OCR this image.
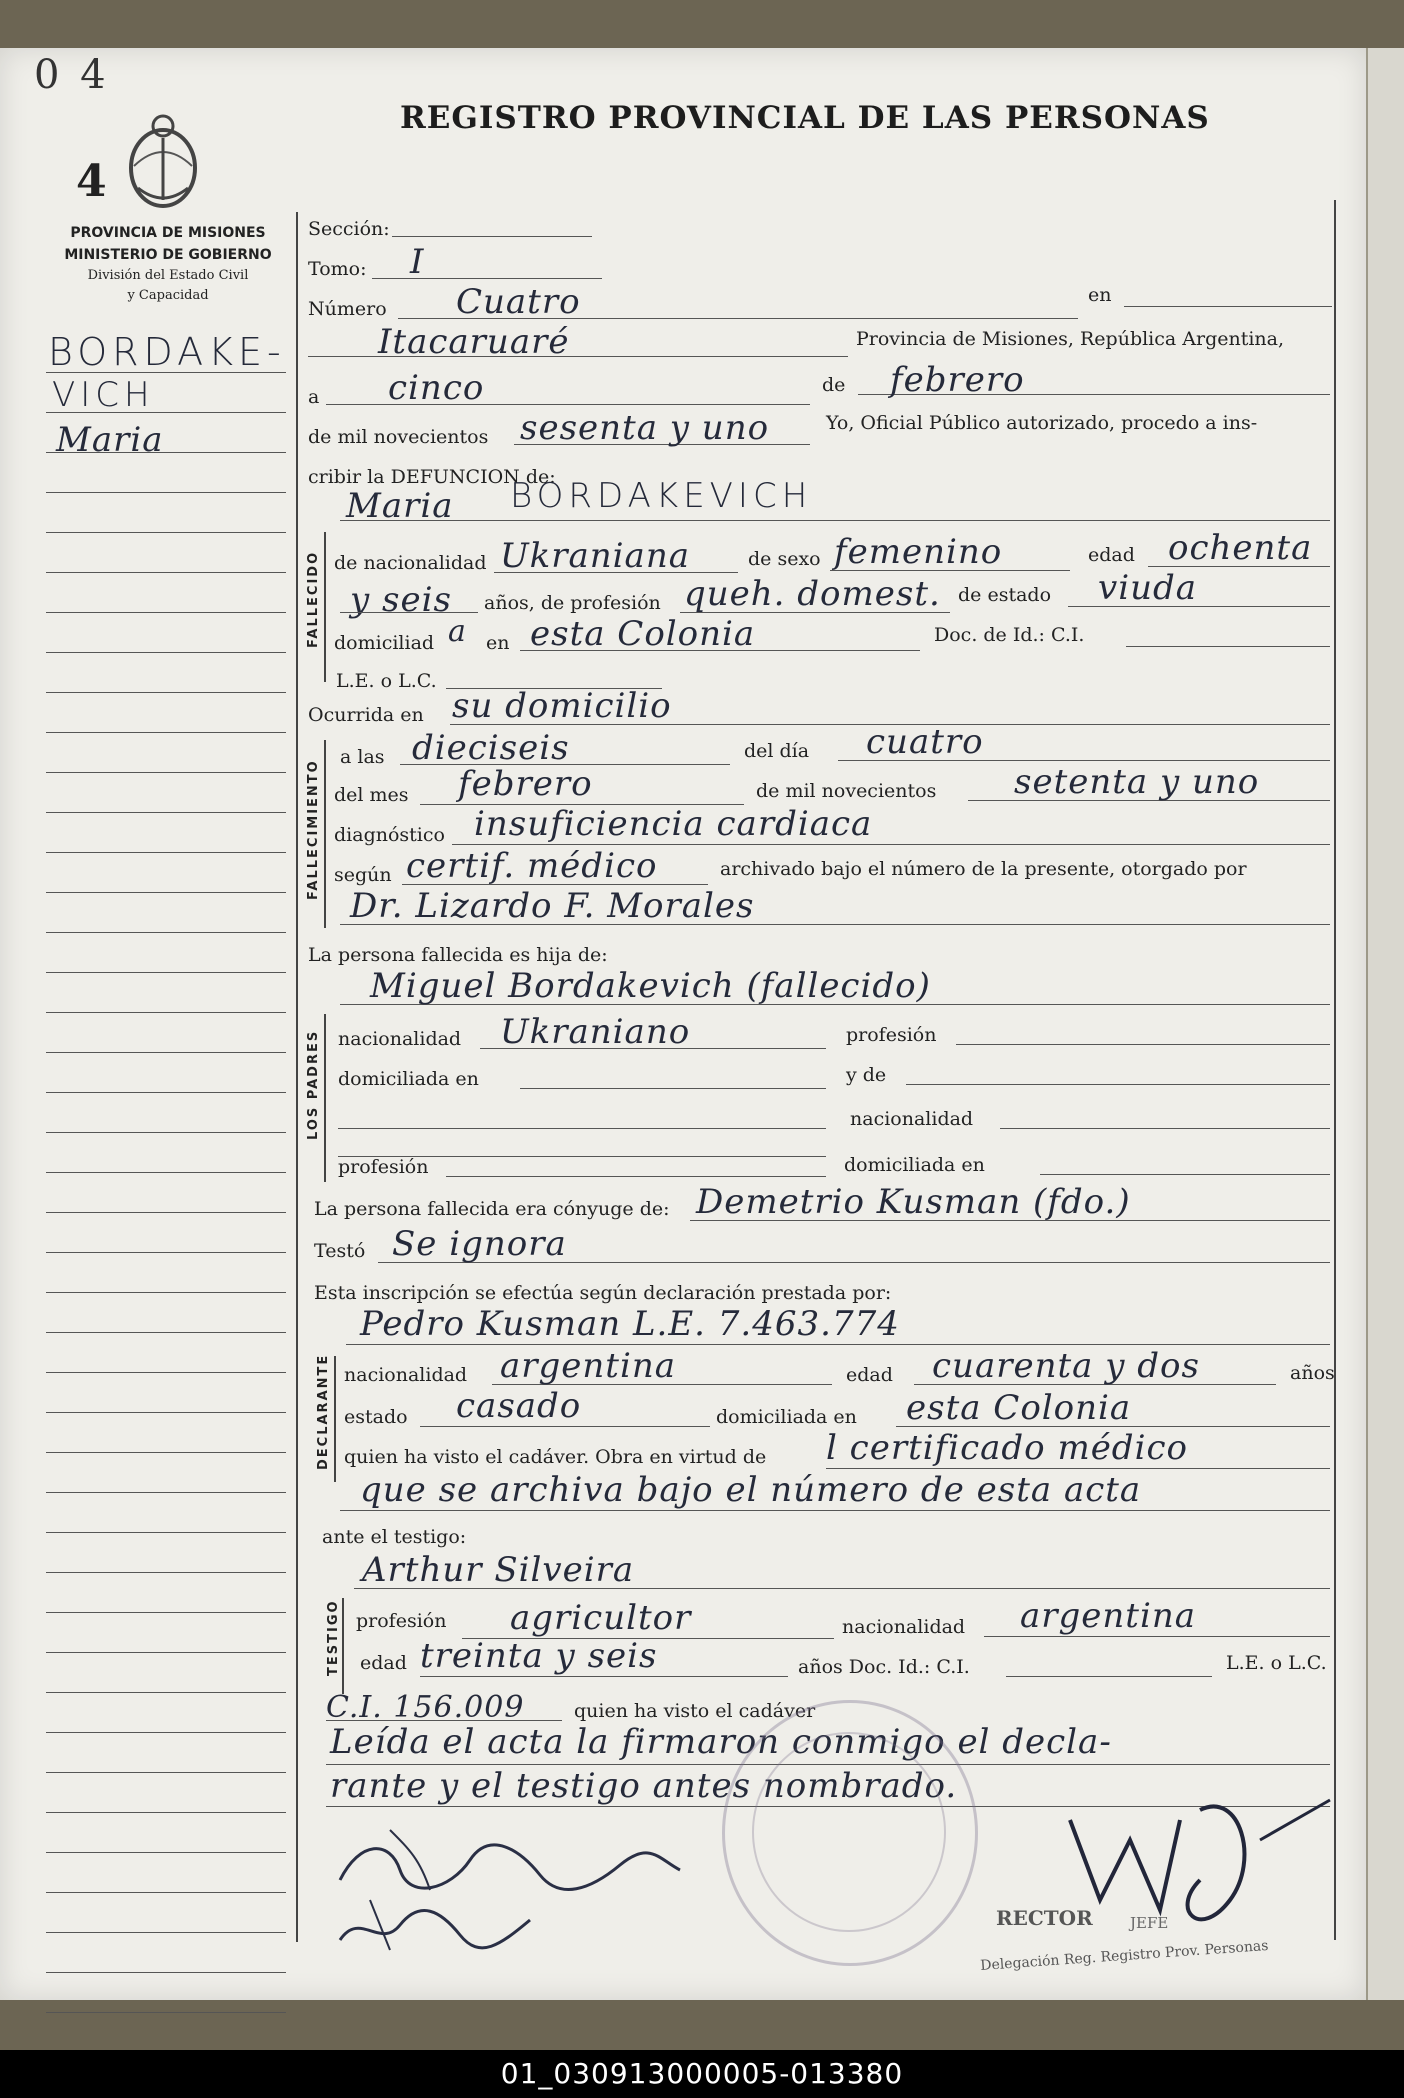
0 4
4
REGISTRO PROVINCIAL DE LAS PERSONAS
PROVINCIA DE MISIONES
MINISTERIO DE GOBIERNO
División del Estado Civil
y Capacidad
BORDAKE-
VICH
Maria
Sección:
Tomo: I
Número Cuatro	en
Itacaruaré	Provincia de Misiones, República Argentina,
a cinco	de febrero
de mil novecientos sesenta y uno	Yo, Oficial Público autorizado, procedo a ins-
cribir la DEFUNCION de:
Maria BORDAKEVICH
FALLECIDO de nacionalidad Ukraniana	de sexo femenino	edad ochenta
y seis años, de profesión queh. domest. de estado viuda
domiciliad a en esta Colonia	Doc. de Id.: C.I.
L.E. o L.C.
Ocurrida en su domicilio
FALLECIMIENTO
a las dieciseis	del día cuatro
del mes febrero	de mil novecientos setenta y uno
diagnóstico insuficiencia cardiaca
según certif. médico	archivado bajo el número de la presente, otorgado por
Dr. Lizardo F. Morales
La persona fallecida es hija de:
Miguel Bordakevich (fallecido)
LOS PADRES nacionalidad Ukraniano	profesión
domiciliada en	y de
nacionalidad
profesión	domiciliada en
La persona fallecida era cónyuge de: Demetrio Kusman (fdo.)
Testó Se ignora
Esta inscripción se efectúa según declaración prestada por:
Pedro Kusman L.E. 7.463.774
DECLARANTE nacionalidad argentina	edad cuarenta y dos	años
estado casado	domiciliada en esta Colonia
quien ha visto el cadáver. Obra en virtud de l certificado médico
que se archiva bajo el número de esta acta
ante el testigo:
Arthur Silveira
TESTIGO profesión agricultor	nacionalidad argentina
edad treinta y seis	años Doc. Id.: C.I.	L.E. o L.C.
C.I. 156.009	quien ha visto el cadáver
Leída el acta la firmaron conmigo el decla-
rante y el testigo antes nombrado.
RECTOR JEFE
Delegación Reg. Registro Prov. Personas
01_030913000005-013380
